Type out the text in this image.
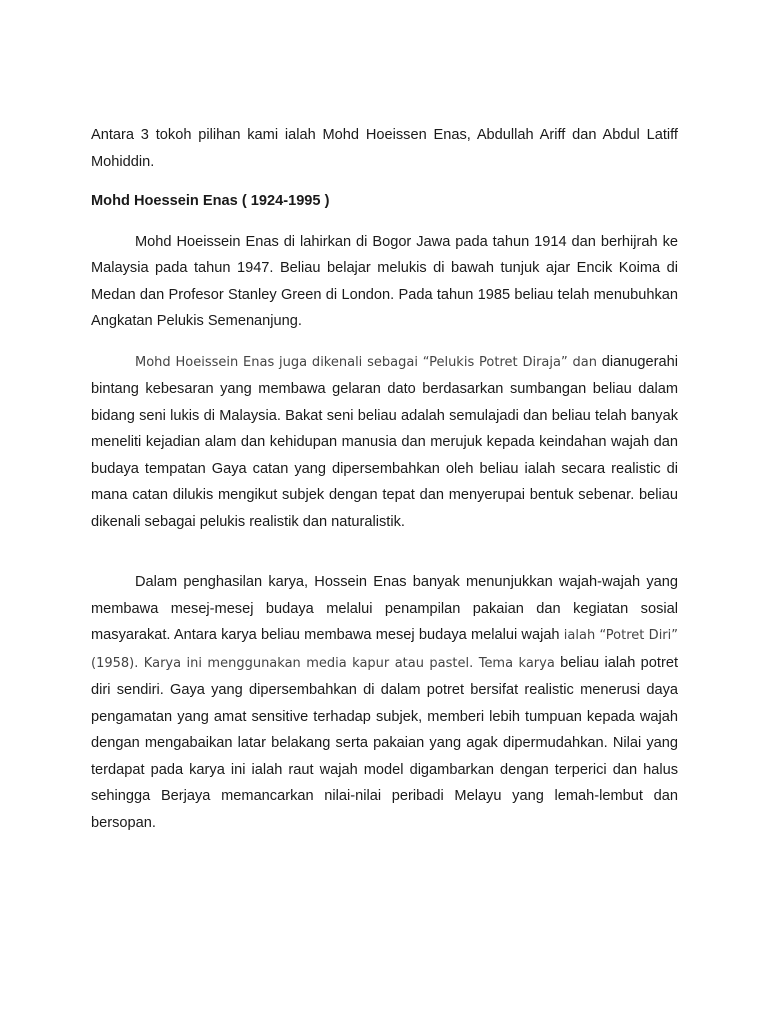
Antara 3 tokoh pilihan kami ialah Mohd Hoeissen Enas, Abdullah Ariff dan Abdul Latiff Mohiddin.

Mohd Hoessein Enas ( 1924-1995 )

Mohd Hoeissein Enas di lahirkan di Bogor Jawa pada tahun 1914 dan berhijrah ke Malaysia pada tahun 1947. Beliau belajar melukis di bawah tunjuk ajar Encik Koima di Medan dan Profesor Stanley Green di London. Pada tahun 1985 beliau telah menubuhkan Angkatan Pelukis Semenanjung.

Mohd Hoeissein Enas juga dikenali sebagai “Pelukis Potret Diraja” dan dianugerahi bintang kebesaran yang membawa gelaran dato berdasarkan sumbangan beliau dalam bidang seni lukis di Malaysia. Bakat seni beliau adalah semulajadi dan beliau telah banyak meneliti kejadian alam dan kehidupan manusia dan merujuk kepada keindahan wajah dan budaya tempatan Gaya catan yang dipersembahkan oleh beliau ialah secara realistic di mana catan dilukis mengikut subjek dengan tepat dan menyerupai bentuk sebenar. beliau dikenali sebagai pelukis realistik dan naturalistik.

Dalam penghasilan karya, Hossein Enas banyak menunjukkan wajah-wajah yang membawa mesej-mesej budaya melalui penampilan pakaian dan kegiatan sosial masyarakat. Antara karya beliau membawa mesej budaya melalui wajah ialah “Potret Diri” (1958). Karya ini menggunakan media kapur atau pastel. Tema karya beliau ialah potret diri sendiri. Gaya yang dipersembahkan di dalam potret bersifat realistic menerusi daya pengamatan yang amat sensitive terhadap subjek, memberi lebih tumpuan kepada wajah dengan mengabaikan latar belakang serta pakaian yang agak dipermudahkan. Nilai yang terdapat pada karya ini ialah raut wajah model digambarkan dengan terperici dan halus sehingga Berjaya memancarkan nilai-nilai peribadi Melayu yang lemah-lembut dan bersopan.
